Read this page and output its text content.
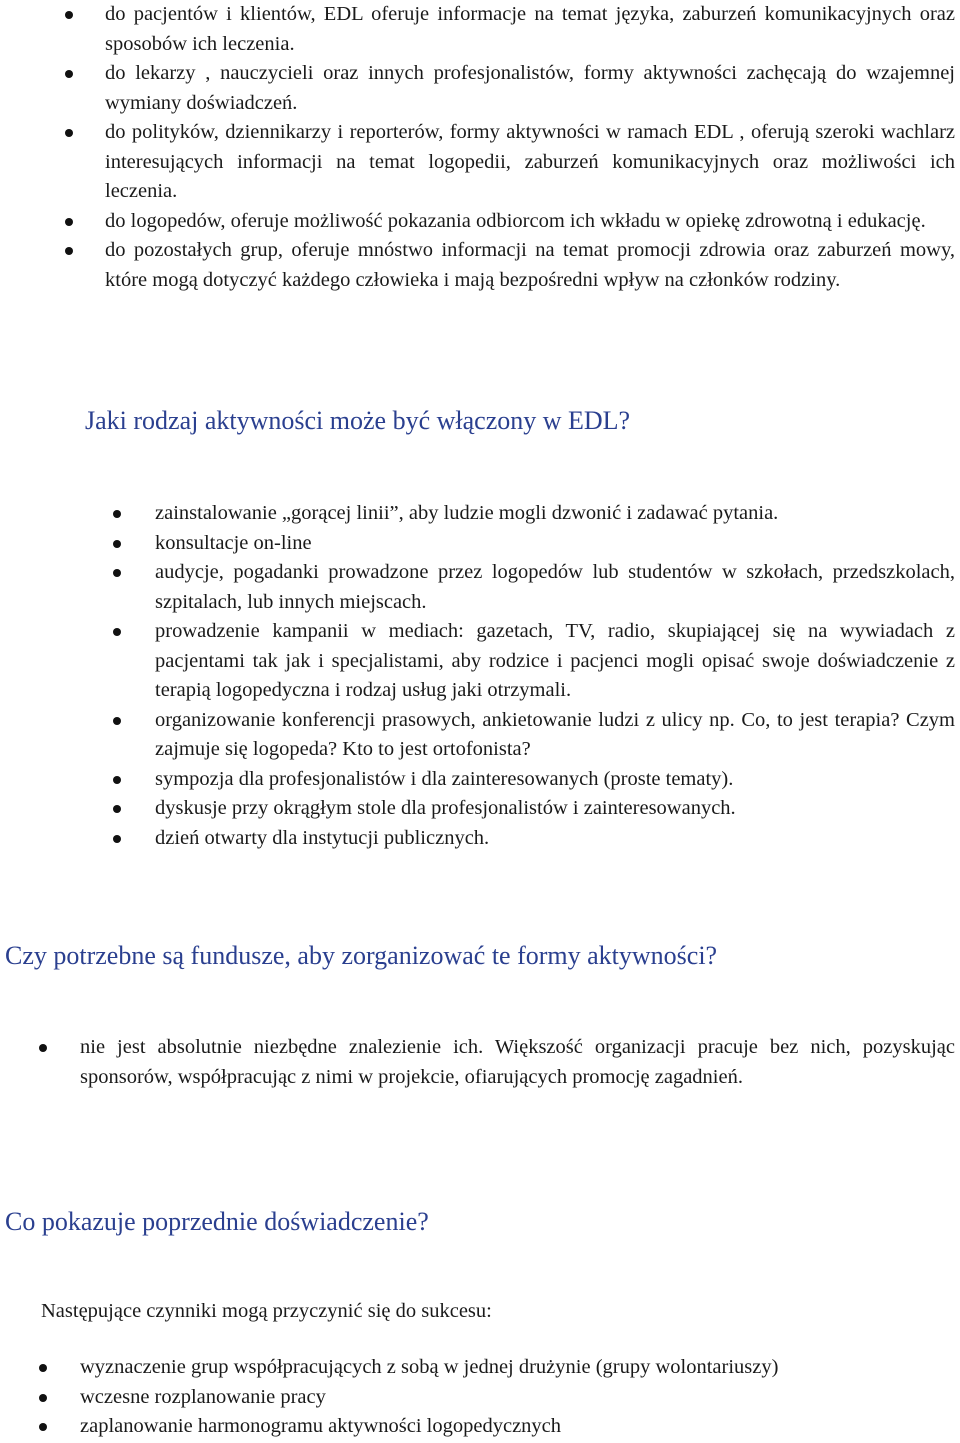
do pacjentów i klientów, EDL oferuje informacje na temat języka, zaburzeń komunikacyjnych oraz sposobów ich leczenia.
do lekarzy , nauczycieli oraz innych profesjonalistów, formy aktywności zachęcają do wzajemnej wymiany doświadczeń.
do polityków, dziennikarzy i reporterów, formy aktywności w ramach EDL , oferują szeroki wachlarz interesujących informacji na temat logopedii, zaburzeń komunikacyjnych oraz możliwości ich leczenia.
do logopedów, oferuje możliwość pokazania odbiorcom ich wkładu w opiekę zdrowotną i edukację.
do pozostałych grup, oferuje mnóstwo informacji na temat promocji zdrowia oraz zaburzeń mowy, które mogą dotyczyć każdego człowieka i mają bezpośredni wpływ na członków rodziny.
Jaki rodzaj aktywności może być włączony w EDL?
zainstalowanie „gorącej linii”, aby ludzie mogli dzwonić i zadawać pytania.
konsultacje on-line
audycje, pogadanki prowadzone przez logopedów lub studentów w szkołach, przedszkolach, szpitalach, lub innych miejscach.
prowadzenie kampanii w mediach: gazetach, TV, radio, skupiającej się na wywiadach z pacjentami tak jak i specjalistami, aby rodzice i pacjenci mogli opisać swoje doświadczenie z terapią logopedyczna i rodzaj usług jaki otrzymali.
organizowanie konferencji prasowych, ankietowanie ludzi z ulicy np. Co, to jest terapia? Czym zajmuje się logopeda? Kto to jest ortofonista?
sympozja dla profesjonalistów i dla zainteresowanych (proste tematy).
dyskusje przy okrągłym stole dla profesjonalistów i zainteresowanych.
dzień otwarty dla instytucji publicznych.
Czy potrzebne są fundusze, aby zorganizować te formy aktywności?
nie jest absolutnie niezbędne znalezienie ich. Większość organizacji pracuje bez nich, pozyskując sponsorów, współpracując z nimi w projekcie, ofiarujących promocję zagadnień.
Co pokazuje poprzednie doświadczenie?

Następujące czynniki mogą przyczynić się do sukcesu:

wyznaczenie grup współpracujących z sobą w jednej drużynie (grupy wolontariuszy)
wczesne rozplanowanie pracy
zaplanowanie harmonogramu aktywności logopedycznych
